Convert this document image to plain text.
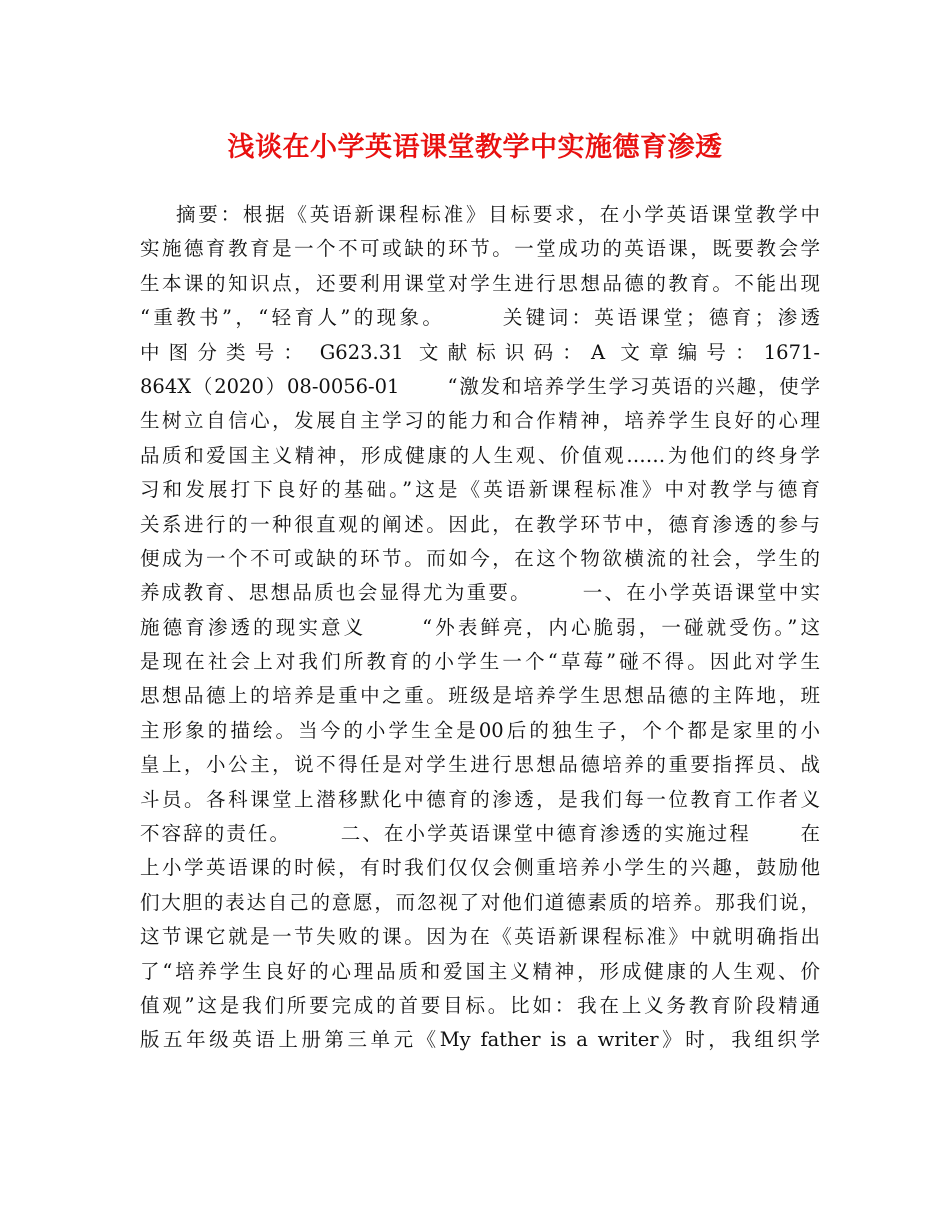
浅谈在小学英语课堂教学中实施德育渗透
摘要：根据《英语新课程标准》目标要求，在小学英语课堂教学中
实施德育教育是一个不可或缺的环节。一堂成功的英语课，既要教会学
生本课的知识点，还要利用课堂对学生进行思想品德的教育。不能出现
“重教书”，“轻育人”的现象。      关键词：英语课堂；德育；渗透
中 图 分 类 号 ：  G623.31  文 献 标 识 码 ： A  文 章 编 号 ： 1671-
864X（2020）08-0056-01      “激发和培养学生学习英语的兴趣，使学
生树立自信心，发展自主学习的能力和合作精神，培养学生良好的心理
品质和爱国主义精神，形成健康的人生观、价值观……为他们的终身学
习和发展打下良好的基础。”这是《英语新课程标准》中对教学与德育
关系进行的一种很直观的阐述。因此，在教学环节中，德育渗透的参与
便成为一个不可或缺的环节。而如今，在这个物欲横流的社会，学生的
养成教育、思想品质也会显得尤为重要。      一、在小学英语课堂中实
施德育渗透的现实意义      “外表鲜亮，内心脆弱，一碰就受伤。”这
是现在社会上对我们所教育的小学生一个“草莓”碰不得。因此对学生
思想品德上的培养是重中之重。班级是培养学生思想品德的主阵地，班
主形象的描绘。当今的小学生全是00后的独生子，个个都是家里的小
皇上，小公主，说不得任是对学生进行思想品德培养的重要指挥员、战
斗员。各科课堂上潜移默化中德育的渗透，是我们每一位教育工作者义
不容辞的责任。      二、在小学英语课堂中德育渗透的实施过程      在
上小学英语课的时候，有时我们仅仅会侧重培养小学生的兴趣，鼓励他
们大胆的表达自己的意愿，而忽视了对他们道德素质的培养。那我们说，
这节课它就是一节失败的课。因为在《英语新课程标准》中就明确指出
了“培养学生良好的心理品质和爱国主义精神，形成健康的人生观、价
值观”这是我们所要完成的首要目标。比如：我在上义务教育阶段精通
版五年级英语上册第三单元《My father is a writer》时，我组织学
